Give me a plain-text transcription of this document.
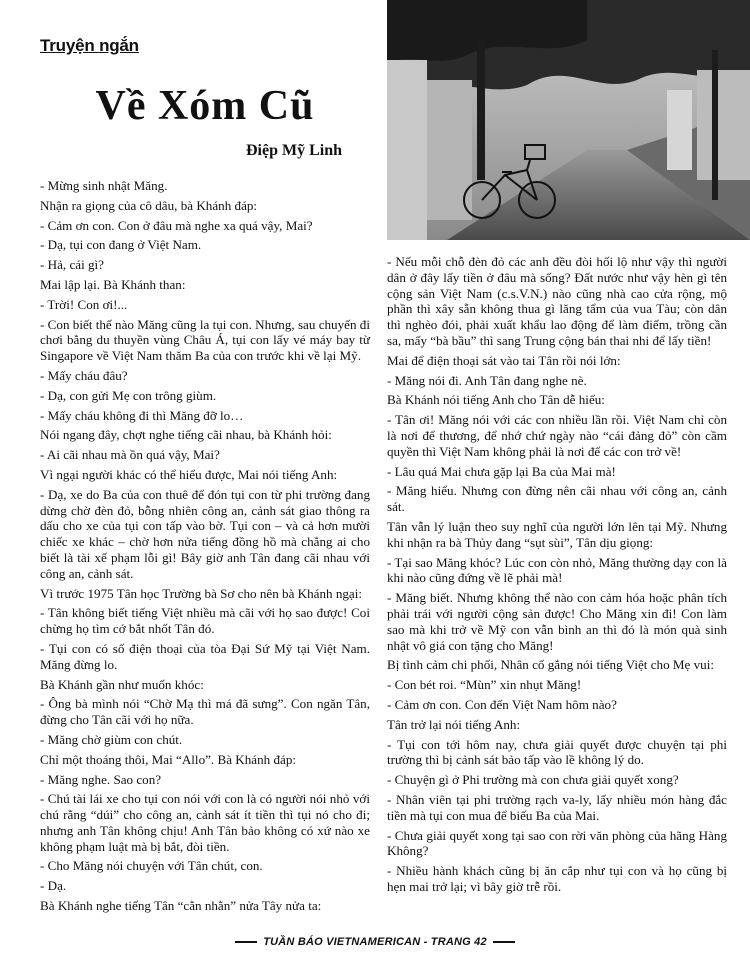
Truyện ngắn
Về Xóm Cũ
Điệp Mỹ Linh

- Mừng sinh nhật Măng.

Nhận ra giọng của cô dâu, bà Khánh đáp:

- Cảm ơn con. Con ở đâu mà nghe xa quá vậy, Mai?

- Dạ, tụi con đang ở Việt Nam.

- Hả, cái gì?

Mai lập lại. Bà Khánh than:

- Trời! Con ơi!...

- Con biết thế nào Măng cũng la tụi con. Nhưng, sau chuyến đi chơi bằng du thuyền vùng Châu Á, tụi con lấy vé máy bay từ Singapore về Việt Nam thăm Ba của con trước khi về lại Mỹ.

- Mấy cháu đâu?

- Dạ, con gửi Mẹ con trông giùm.

- Mấy cháu không đi thì Măng đỡ lo…

Nói ngang đây, chợt nghe tiếng cãi nhau, bà Khánh hỏi:

- Ai cãi nhau mà ồn quá vậy, Mai?

Vì ngại người khác có thể hiểu được, Mai nói tiếng Anh:

- Dạ, xe do Ba của con thuê để đón tụi con từ phi trường đang dừng chờ đèn đỏ, bỗng nhiên công an, cảnh sát giao thông ra dấu cho xe của tụi con tấp vào bờ. Tụi con – và cả hơn mười chiếc xe khác – chờ hơn nửa tiếng đồng hồ mà chẳng ai cho biết là tài xế phạm lỗi gì! Bây giờ anh Tân đang cãi nhau với công an, cảnh sát.

Vì trước 1975 Tân học Trường bà Sơ cho nên bà Khánh ngại:

- Tân không biết tiếng Việt nhiều mà cãi với họ sao được! Coi chừng họ tìm cớ bắt nhốt Tân đó.

- Tụi con có số điện thoại của tòa Đại Sứ Mỹ tại Việt Nam. Măng đừng lo.

Bà Khánh gần như muốn khóc:

- Ông bà mình nói “Chờ Mạ thì má đã sưng”. Con ngăn Tân, đừng cho Tân cãi với họ nữa.

- Măng chờ giùm con chút.

Chỉ một thoáng thôi, Mai “Allo”. Bà Khánh đáp:

- Măng nghe. Sao con?

- Chú tài lái xe cho tụi con nói với con là có người nói nhỏ với chú rằng “dúi” cho công an, cảnh sát ít tiền thì tụi nó cho đi; nhưng anh Tân không chịu! Anh Tân bảo không có xứ nào xe không phạm luật mà bị bắt, đòi tiền.

- Cho Măng nói chuyện với Tân chút, con.

- Dạ.

Bà Khánh nghe tiếng Tân “cằn nhằn” nửa Tây nửa ta:

- Nếu mỗi chỗ đèn đỏ các anh đều đòi hối lộ như vậy thì người dân ở đây lấy tiền ở đâu mà sống? Đất nước như vậy hèn gì tên cộng sản Việt Nam (c.s.V.N.) nào cũng nhà cao cửa rộng, mộ phần thì xây sẵn không thua gì lăng tẩm của vua Tàu; còn dân thì nghèo đói, phải xuất khẩu lao động để làm điếm, trồng cần sa, mấy “bà bầu” thì sang Trung cộng bán thai nhi để lấy tiền!

Mai để điện thoại sát vào tai Tân rồi nói lớn:

- Măng nói đi. Anh Tân đang nghe nè.

Bà Khánh nói tiếng Anh cho Tân dễ hiểu:

- Tân ơi! Măng nói với các con nhiều lần rồi. Việt Nam chỉ còn là nơi để thương, để nhớ chứ ngày nào “cái đảng đỏ” còn cầm quyền thì Việt Nam không phải là nơi để các con trở về!

- Lâu quá Mai chưa gặp lại Ba của Mai mà!

- Măng hiểu. Nhưng con đừng nên cãi nhau với công an, cảnh sát.

Tân vẫn lý luận theo suy nghĩ của người lớn lên tại Mỹ. Nhưng khi nhận ra bà Thủy đang “sụt sùi”, Tân dịu giọng:

- Tại sao Măng khóc? Lúc con còn nhỏ, Măng thường dạy con là khi nào cũng đứng về lẽ phải mà!

- Măng biết. Nhưng không thể nào con cảm hóa hoặc phân tích phải trái với người cộng sản được! Cho Măng xin đi! Con làm sao mà khi trở về Mỹ con vẫn bình an thì đó là món quà sinh nhật vô giá con tặng cho Măng!

Bị tình cảm chi phối, Nhân cố gắng nói tiếng Việt cho Mẹ vui:

- Con bét roi. “Mùn” xin nhụt Măng!

- Cảm ơn con. Con đến Việt Nam hôm nào?

Tân trở lại nói tiếng Anh:

- Tụi con tới hôm nay, chưa giải quyết được chuyện tại phi trường thì bị cảnh sát bảo tấp vào lề không lý do.

- Chuyện gì ở Phi trường mà con chưa giải quyết xong?

- Nhân viên tại phi trường rạch va-ly, lấy nhiều món hàng đắc tiền mà tụi con mua để biếu Ba của Mai.

- Chưa giải quyết xong tại sao con rời văn phòng của hãng Hàng Không?

- Nhiều hành khách cũng bị ăn cắp như tụi con và họ cũng bị hẹn mai trở lại; vì bây giờ trễ rồi.

TUẦN BÁO VIETNAMERICAN - TRANG 42
